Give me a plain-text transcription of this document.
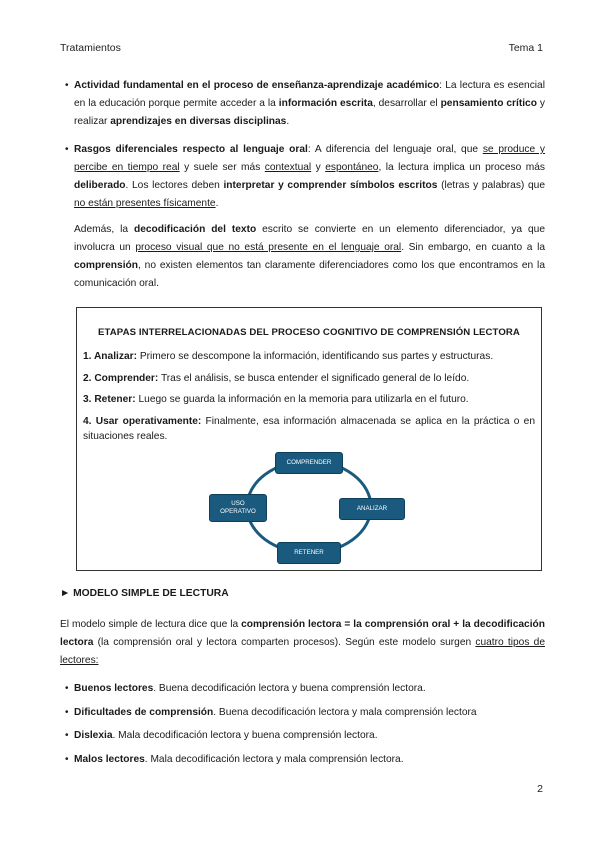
Tratamientos	Tema 1

• Actividad fundamental en el proceso de enseñanza-aprendizaje académico: La lectura es esencial en la educación porque permite acceder a la información escrita, desarrollar el pensamiento crítico y realizar aprendizajes en diversas disciplinas.

• Rasgos diferenciales respecto al lenguaje oral: A diferencia del lenguaje oral, que se produce y percibe en tiempo real y suele ser más contextual y espontáneo, la lectura implica un proceso más deliberado. Los lectores deben interpretar y comprender símbolos escritos (letras y palabras) que no están presentes físicamente.

Además, la decodificación del texto escrito se convierte en un elemento diferenciador, ya que involucra un proceso visual que no está presente en el lenguaje oral. Sin embargo, en cuanto a la comprensión, no existen elementos tan claramente diferenciadores como los que encontramos en la comunicación oral.

ETAPAS INTERRELACIONADAS DEL PROCESO COGNITIVO DE COMPRENSIÓN LECTORA

1. Analizar: Primero se descompone la información, identificando sus partes y estructuras.

2. Comprender: Tras el análisis, se busca entender el significado general de lo leído.

3. Retener: Luego se guarda la información en la memoria para utilizarla en el futuro.

4. Usar operativamente: Finalmente, esa información almacenada se aplica en la práctica o en situaciones reales.

COMPRENDER
ANALIZAR
RETENER
USO OPERATIVO
► MODELO SIMPLE DE LECTURA

El modelo simple de lectura dice que la comprensión lectora = la comprensión oral + la decodificación lectora (la comprensión oral y lectora comparten procesos). Según este modelo surgen cuatro tipos de lectores:

• Buenos lectores. Buena decodificación lectora y buena comprensión lectora.

• Dificultades de comprensión. Buena decodificación lectora y mala comprensión lectora

• Dislexia. Mala decodificación lectora y buena comprensión lectora.

• Malos lectores. Mala decodificación lectora y mala comprensión lectora.

2
